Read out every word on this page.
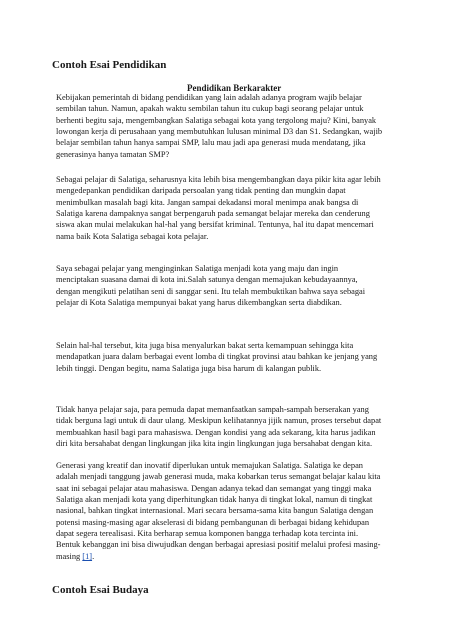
Contoh Esai Pendidikan
Pendidikan Berkarakter
Kebijakan pemerintah di bidang pendidikan yang lain adalah adanya program wajib belajar
sembilan tahun. Namun, apakah waktu sembilan tahun itu cukup bagi seorang pelajar untuk
berhenti begitu saja, mengembangkan Salatiga sebagai kota yang tergolong maju? Kini, banyak
lowongan kerja di perusahaan yang membutuhkan lulusan minimal D3 dan S1. Sedangkan, wajib
belajar sembilan tahun hanya sampai SMP, lalu mau jadi apa generasi muda mendatang, jika
generasinya hanya tamatan SMP?
Sebagai pelajar di Salatiga, seharusnya kita lebih bisa mengembangkan daya pikir kita agar lebih
mengedepankan pendidikan daripada persoalan yang tidak penting dan mungkin dapat
menimbulkan masalah bagi kita. Jangan sampai dekadansi moral menimpa anak bangsa di
Salatiga karena dampaknya sangat berpengaruh pada semangat belajar mereka dan cenderung
siswa akan mulai melakukan hal-hal yang bersifat kriminal. Tentunya, hal itu dapat mencemari
nama baik Kota Salatiga sebagai kota pelajar.
Saya sebagai pelajar yang menginginkan Salatiga menjadi kota yang maju dan ingin
menciptakan suasana damai di kota ini.Salah satunya dengan memajukan kebudayaannya,
dengan mengikuti pelatihan seni di sanggar seni. Itu telah membuktikan bahwa saya sebagai
pelajar di Kota Salatiga mempunyai bakat yang harus dikembangkan serta diabdikan.
Selain hal-hal tersebut, kita juga bisa menyalurkan bakat serta kemampuan sehingga kita
mendapatkan juara dalam berbagai event lomba di tingkat provinsi atau bahkan ke jenjang yang
lebih tinggi. Dengan begitu, nama Salatiga juga bisa harum di kalangan publik.
Tidak hanya pelajar saja, para pemuda dapat memanfaatkan sampah-sampah berserakan yang
tidak berguna lagi untuk di daur ulang. Meskipun kelihatannya jijik namun, proses tersebut dapat
membuahkan hasil bagi para mahasiswa. Dengan kondisi yang ada sekarang, kita harus jadikan
diri kita bersahabat dengan lingkungan jika kita ingin lingkungan juga bersahabat dengan kita.
Generasi yang kreatif dan inovatif diperlukan untuk memajukan Salatiga. Salatiga ke depan
adalah menjadi tanggung jawab generasi muda, maka kobarkan terus semangat belajar kalau kita
saat ini sebagai pelajar atau mahasiswa. Dengan adanya tekad dan semangat yang tinggi maka
Salatiga akan menjadi kota yang diperhitungkan tidak hanya di tingkat lokal, namun di tingkat
nasional, bahkan tingkat internasional. Mari secara bersama-sama kita bangun Salatiga dengan
potensi masing-masing agar akselerasi di bidang pembangunan di berbagai bidang kehidupan
dapat segera terealisasi. Kita berharap semua komponen bangga terhadap kota tercinta ini.
Bentuk kebanggan ini bisa diwujudkan dengan berbagai apresiasi positif melalui profesi masing-
masing [1].
Contoh Esai Budaya
